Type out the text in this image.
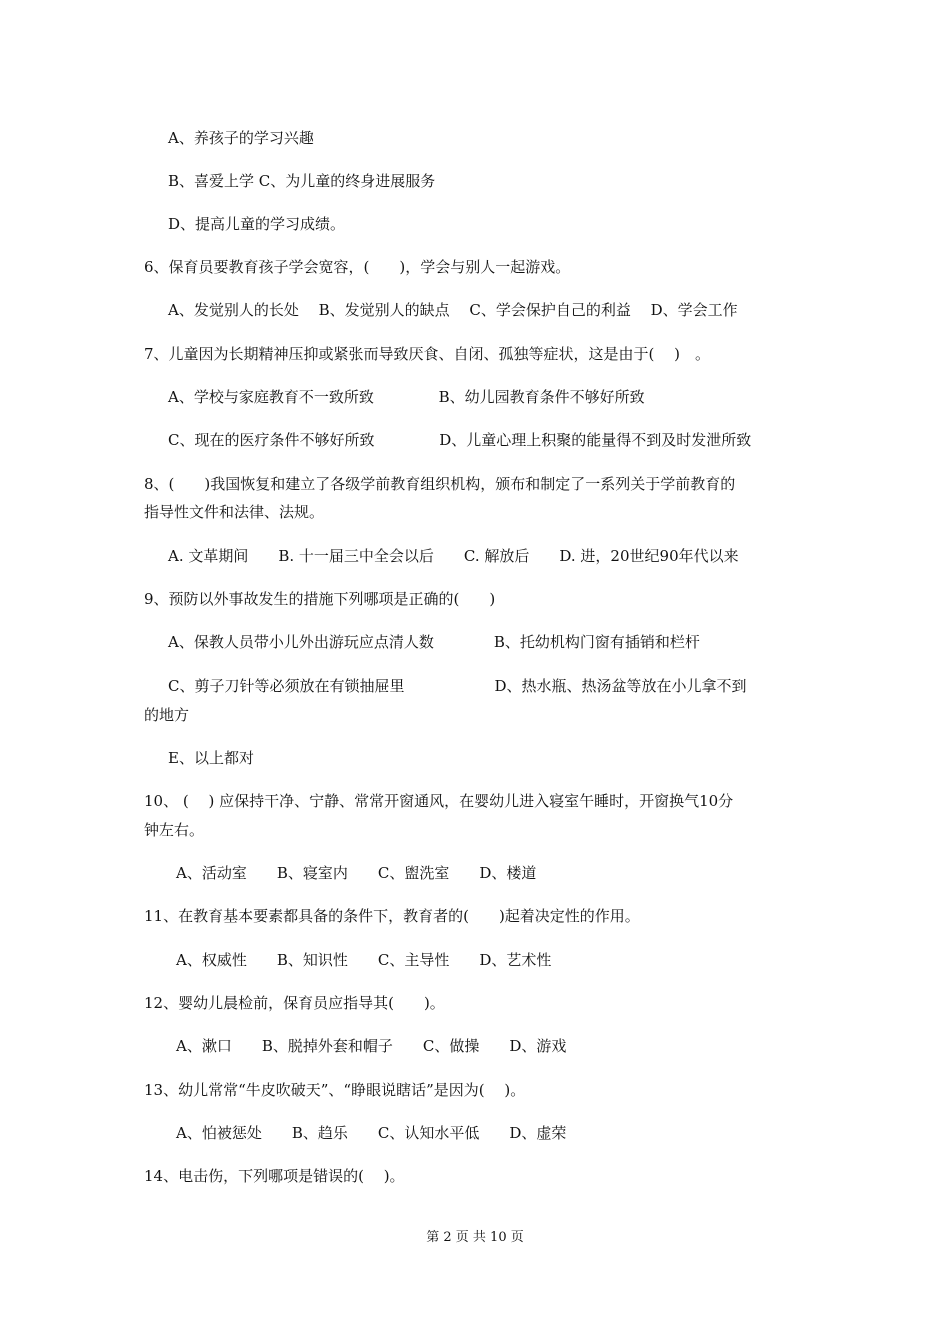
A、养孩子的学习兴趣
B、喜爱上学 C、为儿童的终身进展服务
D、提高儿童的学习成绩。
6、保育员要教育孩子学会宽容，(　　)，学会与别人一起游戏。
A、发觉别人的长处　 B、发觉别人的缺点　 C、学会保护自己的利益　 D、学会工作
7、儿童因为长期精神压抑或紧张而导致厌食、自闭、孤独等症状，这是由于(　 )　。
A、学校与家庭教育不一致所致　　　　 B、幼儿园教育条件不够好所致
C、现在的医疗条件不够好所致　　　　 D、儿童心理上积聚的能量得不到及时发泄所致
8、(　　)我国恢复和建立了各级学前教育组织机构，颁布和制定了一系列关于学前教育的
指导性文件和法律、法规。
A. 文革期间　　B. 十一届三中全会以后　　C. 解放后　　D. 进，20世纪90年代以来
9、预防以外事故发生的措施下列哪项是正确的(　　)
A、保教人员带小儿外出游玩应点清人数　　　　B、托幼机构门窗有插销和栏杆
C、剪子刀针等必须放在有锁抽屉里　　　　　　D、热水瓶、热汤盆等放在小儿拿不到
的地方
E、以上都对
10、 (　 ) 应保持干净、宁静、常常开窗通风，在婴幼儿进入寝室午睡时，开窗换气10分
钟左右。
A、活动室　　B、寝室内　　C、盥洗室　　D、楼道
11、在教育基本要素都具备的条件下，教育者的(　　)起着决定性的作用。
A、权威性　　B、知识性　　C、主导性　　D、艺术性
12、婴幼儿晨检前，保育员应指导其(　　)。
A、漱口　　B、脱掉外套和帽子　　C、做操　　D、游戏
13、幼儿常常“牛皮吹破天”、“睁眼说瞎话”是因为(　 )。
A、怕被惩处　　B、趋乐　　C、认知水平低　　D、虚荣
14、电击伤，下列哪项是错误的(　 )。
第 2 页 共 10 页
